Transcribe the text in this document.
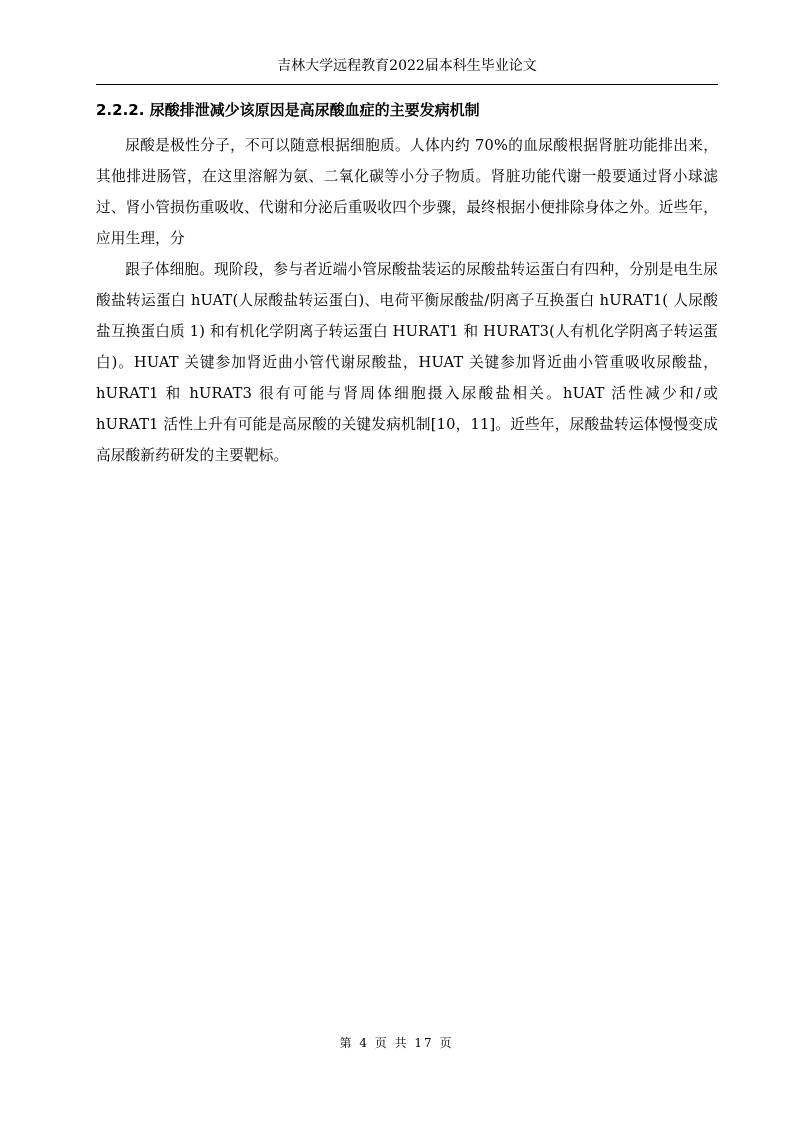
吉林大学远程教育2022届本科生毕业论文
2.2.2. 尿酸排泄减少该原因是高尿酸血症的主要发病机制

尿酸是极性分子，不可以随意根据细胞质。人体内约 70%的血尿酸根据肾脏功能排出来，其他排进肠管，在这里溶解为氨、二氧化碳等小分子物质。肾脏功能代谢一般要通过肾小球滤过、肾小管损伤重吸收、代谢和分泌后重吸收四个步骤，最终根据小便排除身体之外。近些年，应用生理，分

跟子体细胞。现阶段，参与者近端小管尿酸盐装运的尿酸盐转运蛋白有四种，分别是电生尿酸盐转运蛋白 hUAT(人尿酸盐转运蛋白)、电荷平衡尿酸盐/阴离子互换蛋白 hURAT1( 人尿酸盐互换蛋白质 1) 和有机化学阴离子转运蛋白 HURAT1 和 HURAT3(人有机化学阴离子转运蛋白)。HUAT 关键参加肾近曲小管代谢尿酸盐，HUAT 关键参加肾近曲小管重吸收尿酸盐，hURAT1 和 hURAT3 很有可能与肾周体细胞摄入尿酸盐相关。hUAT 活性减少和/或 hURAT1 活性上升有可能是高尿酸的关键发病机制[10，11]。近些年，尿酸盐转运体慢慢变成高尿酸新药研发的主要靶标。

第 4 页 共 17 页
